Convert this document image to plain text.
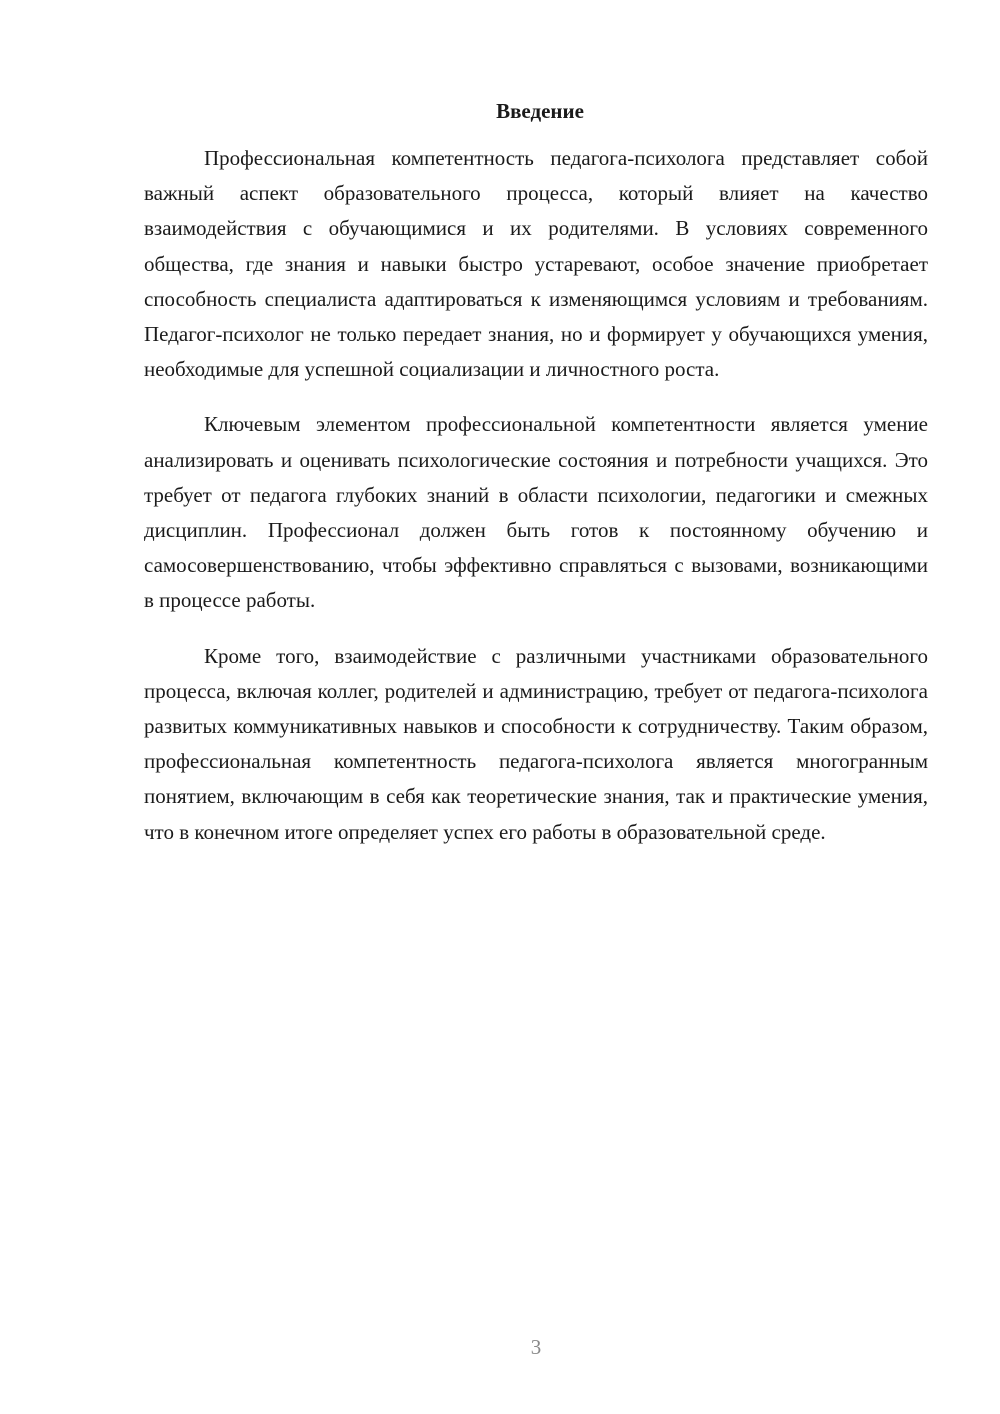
Введение

Профессиональная компетентность педагога-психолога представляет собой важный аспект образовательного процесса, который влияет на качество взаимодействия с обучающимися и их родителями. В условиях современного общества, где знания и навыки быстро устаревают, особое значение приобретает способность специалиста адаптироваться к изменяющимся условиям и требованиям. Педагог-психолог не только передает знания, но и формирует у обучающихся умения, необходимые для успешной социализации и личностного роста.

Ключевым элементом профессиональной компетентности является умение анализировать и оценивать психологические состояния и потребности учащихся. Это требует от педагога глубоких знаний в области психологии, педагогики и смежных дисциплин. Профессионал должен быть готов к постоянному обучению и самосовершенствованию, чтобы эффективно справляться с вызовами, возникающими в процессе работы.

Кроме того, взаимодействие с различными участниками образовательного процесса, включая коллег, родителей и администрацию, требует от педагога-психолога развитых коммуникативных навыков и способности к сотрудничеству. Таким образом, профессиональная компетентность педагога-психолога является многогранным понятием, включающим в себя как теоретические знания, так и практические умения, что в конечном итоге определяет успех его работы в образовательной среде.

3
